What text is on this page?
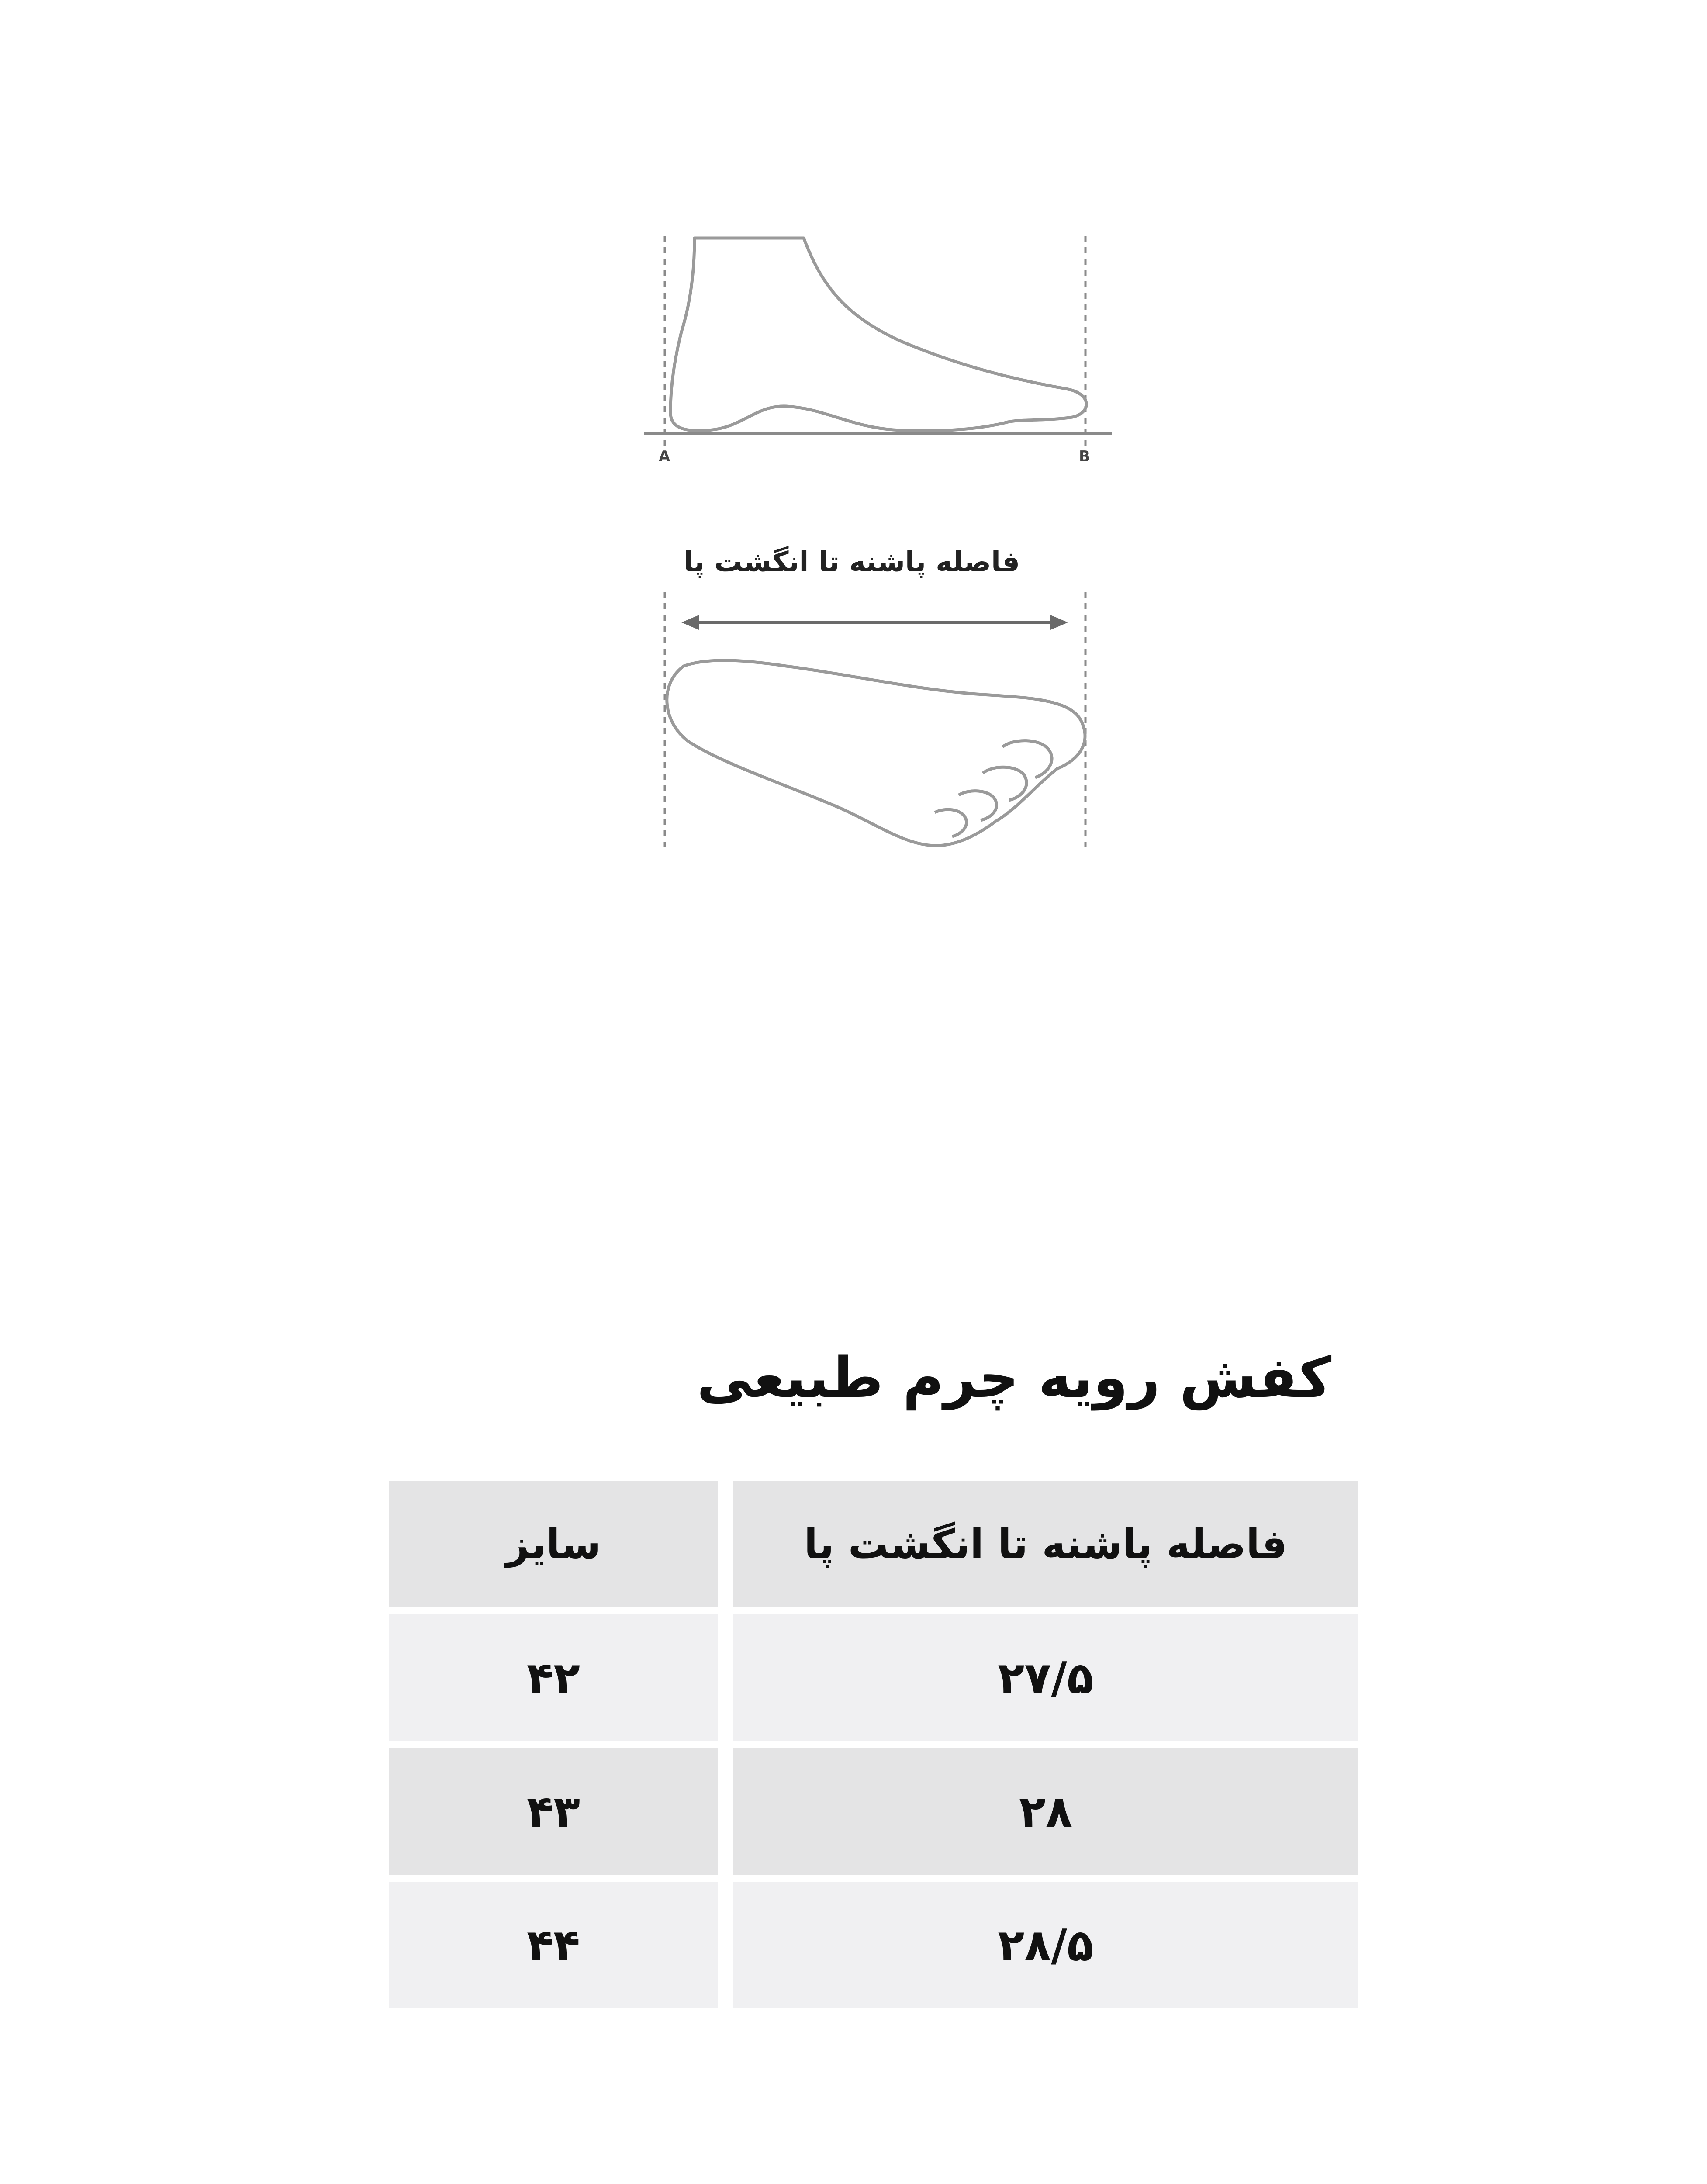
A	B
فاصله پاشنه تا انگشت پا
کفش رویه چرم طبیعی
فاصله پاشنه تا انگشت پا
سایز
۲۷/۵
۴۲
۲۸
۴۳
۲۸/۵
۴۴
